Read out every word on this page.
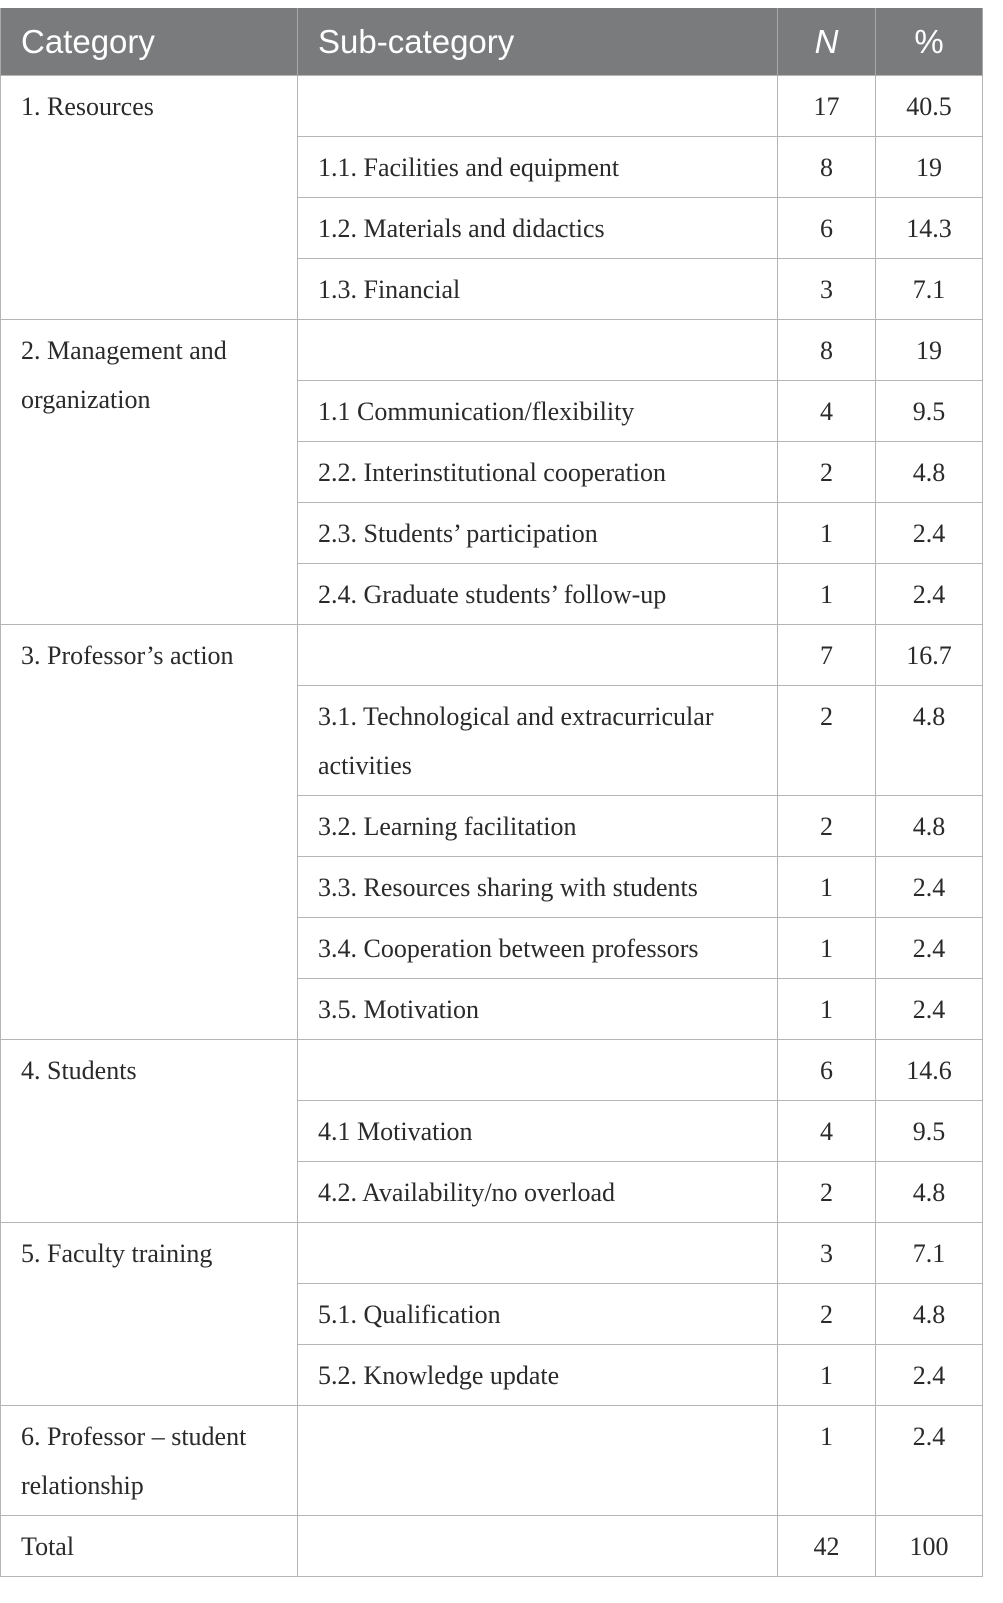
Category	Sub-category	N	%
1. Resources		17	40.5
	1.1. Facilities and equipment	8	19
	1.2. Materials and didactics	6	14.3
	1.3. Financial	3	7.1
2. Management and organization		8	19
	1.1 Communication/flexibility	4	9.5
	2.2. Interinstitutional cooperation	2	4.8
	2.3. Students’ participation	1	2.4
	2.4. Graduate students’ follow-up	1	2.4
3. Professor’s action		7	16.7
	3.1. Technological and extracurricular activities	2	4.8
	3.2. Learning facilitation	2	4.8
	3.3. Resources sharing with students	1	2.4
	3.4. Cooperation between professors	1	2.4
	3.5. Motivation	1	2.4
4. Students		6	14.6
	4.1 Motivation	4	9.5
	4.2. Availability/no overload	2	4.8
5. Faculty training		3	7.1
	5.1. Qualification	2	4.8
	5.2. Knowledge update	1	2.4
6. Professor – student relationship		1	2.4
Total		42	100
